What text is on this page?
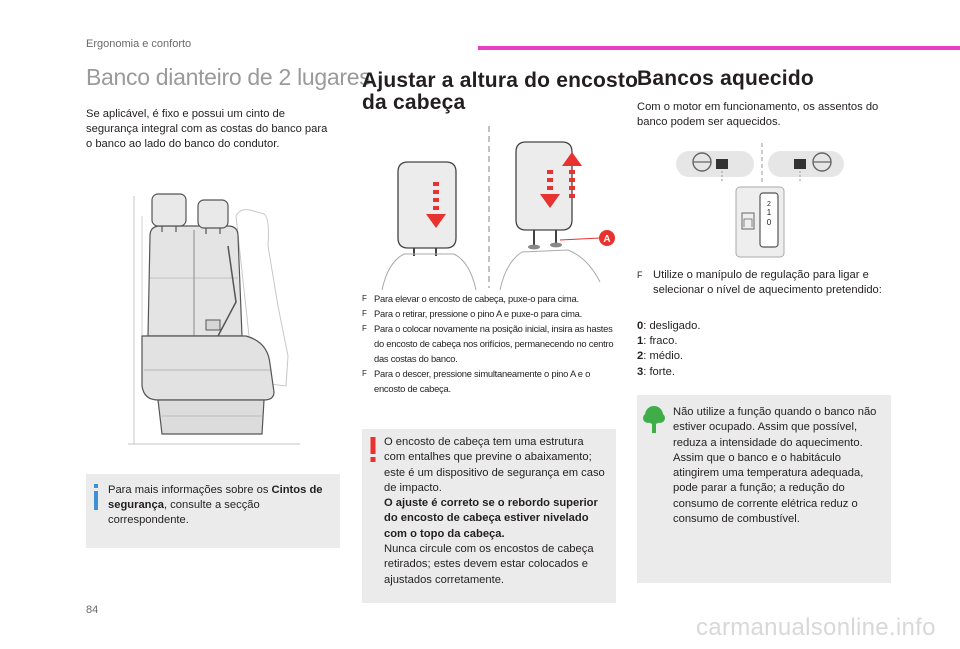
Ergonomia e conforto
Banco dianteiro de 2 lugares
Se aplicável, é fixo e possui um cinto de segurança integral com as costas do banco para o banco ao lado do banco do condutor.
Para mais informações sobre os Cintos de segurança, consulte a secção correspondente.
Ajustar a altura do encosto
da cabeça
A
F Para elevar o encosto de cabeça, puxe-o para cima.
F Para o retirar, pressione o pino A e puxe-o para cima.
F Para o colocar novamente na posição inicial, insira as hastes do encosto de cabeça nos orifícios, permanecendo no centro das costas do banco.
F Para o descer, pressione simultaneamente o pino A e o encosto de cabeça.
O encosto de cabeça tem uma estrutura com entalhes que previne o abaixamento; este é um dispositivo de segurança em caso de impacto.
O ajuste é correto se o rebordo superior do encosto de cabeça estiver nivelado com o topo da cabeça.
Nunca circule com os encostos de cabeça retirados; estes devem estar colocados e ajustados corretamente.
Bancos aquecido
Com o motor em funcionamento, os assentos do banco podem ser aquecidos.
2
1
0
F Utilize o manípulo de regulação para ligar e selecionar o nível de aquecimento pretendido:
0: desligado.
1: fraco.
2: médio.
3: forte.
Não utilize a função quando o banco não estiver ocupado. Assim que possível, reduza a intensidade do aquecimento. Assim que o banco e o habitáculo atingirem uma temperatura adequada, pode parar a função; a redução do consumo de corrente elétrica reduz o consumo de combustível.
84
carmanualsonline.info
